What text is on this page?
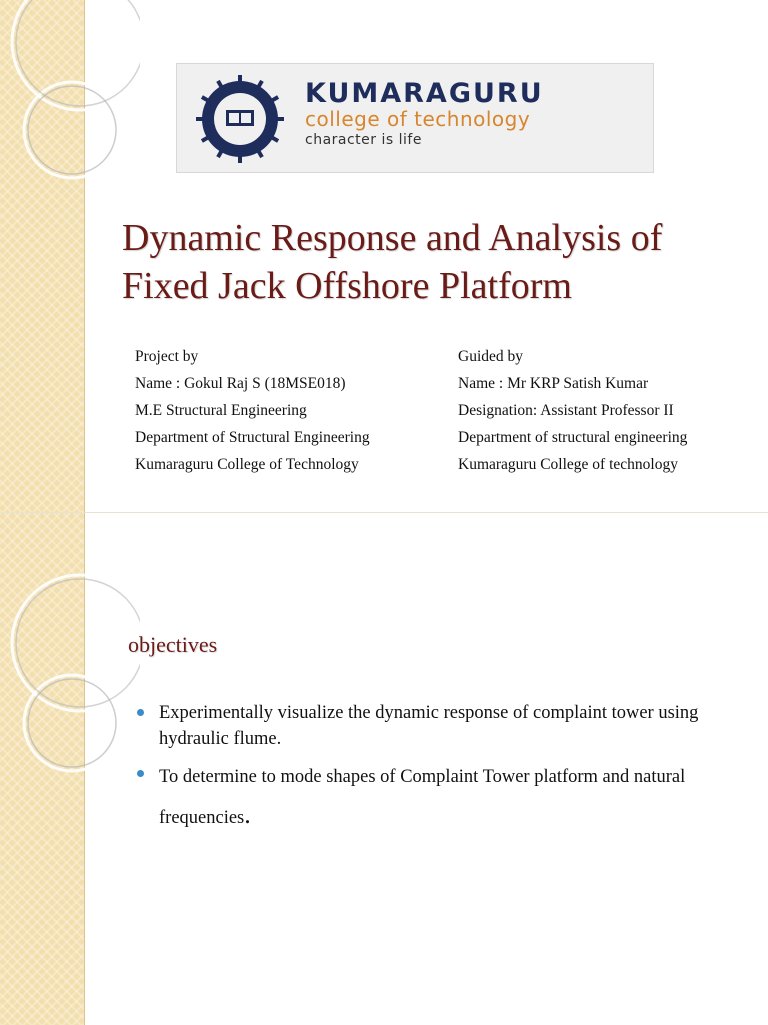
KUMARAGURU
college of technology
character is life
Dynamic Response and Analysis of
Fixed Jack Offshore Platform
Project by
Name : Gokul Raj S (18MSE018)
M.E Structural Engineering
Department of Structural Engineering
Kumaraguru College of Technology
Guided by
Name : Mr KRP Satish Kumar
Designation: Assistant Professor II
Department of structural engineering
Kumaraguru College of technology
objectives
Experimentally visualize the dynamic response of complaint tower using hydraulic flume.
To determine to mode shapes of Complaint Tower platform and natural frequencies.
